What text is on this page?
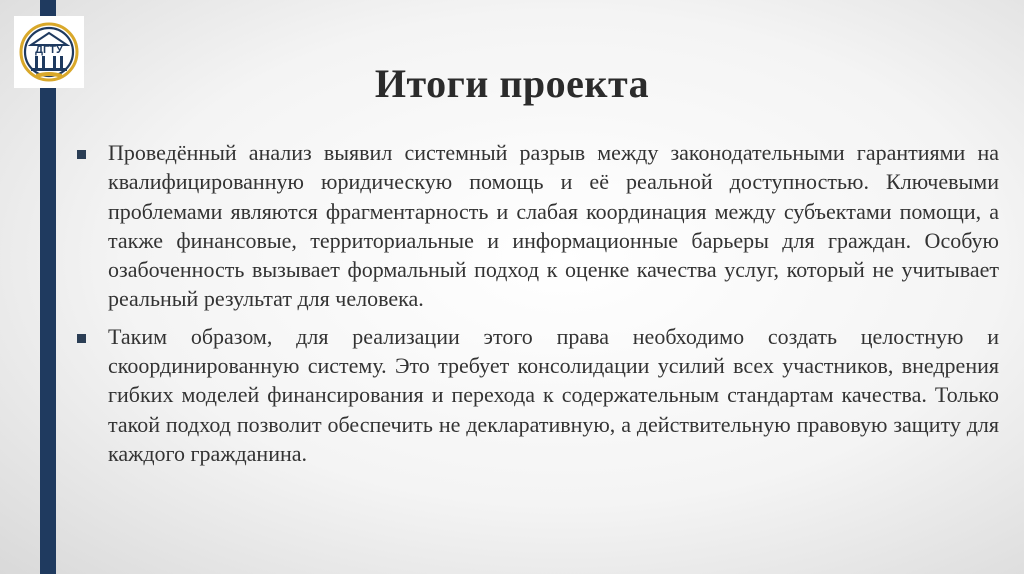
ДГТУ
Итоги проекта

Проведённый анализ выявил системный разрыв между законодательными гарантиями на квалифицированную юридическую помощь и её реальной доступностью. Ключевыми проблемами являются фрагментарность и слабая координация между субъектами помощи, а также финансовые, территориальные и информационные барьеры для граждан. Особую озабоченность вызывает формальный подход к оценке качества услуг, который не учитывает реальный результат для человека.

Таким образом, для реализации этого права необходимо создать целостную и скоординированную систему. Это требует консолидации усилий всех участников, внедрения гибких моделей финансирования и перехода к содержательным стандартам качества. Только такой подход позволит обеспечить не декларативную, а действительную правовую защиту для каждого гражданина.
